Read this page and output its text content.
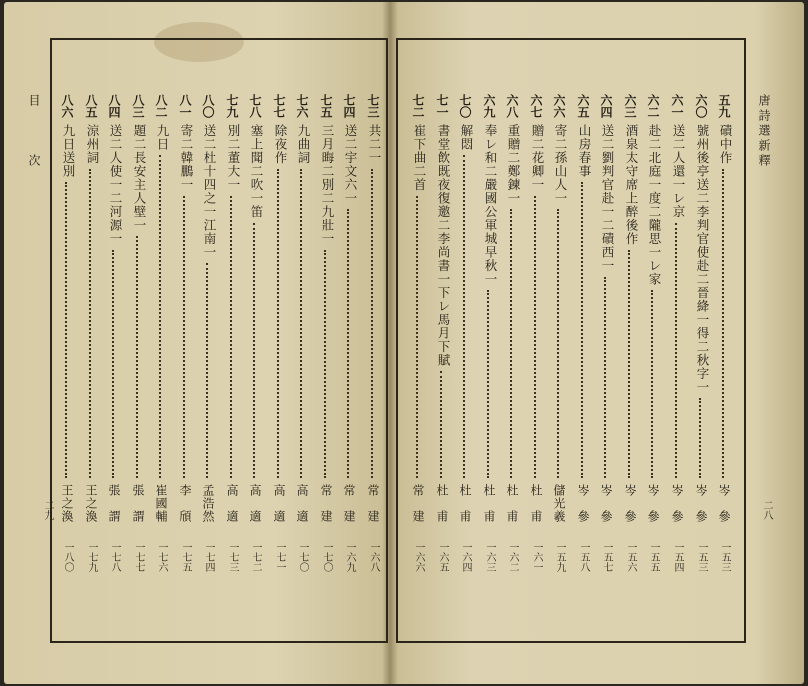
目 次
二九
七三
共二一
常　建
一六八
七四
送二宇文六一
常　建
一六九
七五
三月晦二別二九壯一
常　建
一七〇
七六
九曲詞
高　適
一七〇
七七
除夜作
高　適
一七一
七八
塞上聞二吹一笛
高　適
一七二
七九
別二董大一
高　適
一七三
八〇
送二杜十四之一江南一
孟浩然
一七四
八一
寄二韓鵬一
李　頎
一七五
八二
九日
崔國輔
一七六
八三
題二長安主人壁一
張　謂
一七七
八四
送二人使一二河源一
張　謂
一七八
八五
涼州詞
王之渙
一七九
八六
九日送別
王之渙
一八〇
唐詩選新釋
二八
五九
磧中作
岑　參
一五三
六〇
號州後亭送二李判官使赴二晉絳一得二秋字一
岑　參
一五三
六一
送二人還一レ京
岑　參
一五四
六二
赴二北庭一度二隴思一レ家
岑　參
一五五
六三
酒泉太守席上醉後作
岑　參
一五六
六四
送二劉判官赴一二磧西一
岑　參
一五七
六五
山房春事
岑　參
一五八
六六
寄二孫山人一
儲光羲
一五九
六七
贈二花卿一
杜　甫
一六一
六八
重贈二鄭鍊一
杜　甫
一六二
六九
奉レ和二嚴國公軍城早秋一
杜　甫
一六三
七〇
解悶
杜　甫
一六四
七一
書堂飲既夜復邀二李尚書一下レ馬月下賦
杜　甫
一六五
七二
崔下曲二首
常　建
一六六
